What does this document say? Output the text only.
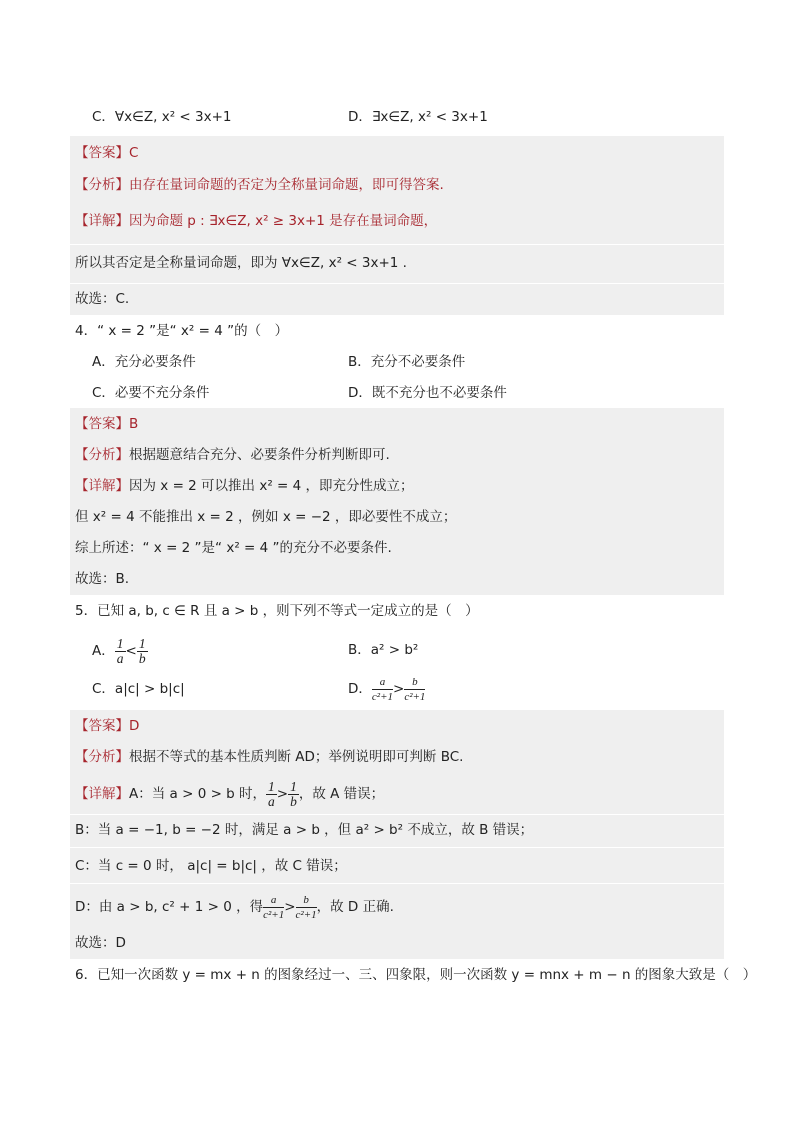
C．∀x∈Z, x² < 3x+1	D．∃x∈Z, x² < 3x+1
【答案】C
【分析】由存在量词命题的否定为全称量词命题，即可得答案.
【详解】因为命题 p : ∃x∈Z, x² ≥ 3x+1 是存在量词命题，
所以其否定是全称量词命题，即为 ∀x∈Z, x² < 3x+1 .
故选：C.
4．“ x = 2 ”是“ x² = 4 ”的（　）
A．充分必要条件	B．充分不必要条件
C．必要不充分条件	D．既不充分也不必要条件
【答案】B
【分析】根据题意结合充分、必要条件分析判断即可.
【详解】因为 x = 2 可以推出 x² = 4 ，即充分性成立；
但 x² = 4 不能推出 x = 2 ，例如 x = −2 ，即必要性不成立；
综上所述：“ x = 2 ”是“ x² = 4 ”的充分不必要条件.
故选：B.
5．已知 a, b, c ∈ R 且 a > b ，则下列不等式一定成立的是（　）
A． $\frac{1}{a} < \frac{1}{b}$	B．a² > b²
C．a|c| > b|c|	D． $\frac{a}{\text{c²+1}} > \frac{b}{\text{c²+1}}$
【答案】D
【分析】根据不等式的基本性质判断 AD；举例说明即可判断 BC.
【详解】 A：当 a > 0 > b 时， $\frac{1}{a} > \frac{1}{b}$ ，故 A 错误；
B：当 a = −1, b = −2 时，满足 a > b ，但 a² > b² 不成立，故 B 错误；
C：当 c = 0 时， a|c| = b|c| ，故 C 错误；
D：由 a > b, c² + 1 > 0 ，得 $\frac{a}{\text{c²+1}} > \frac{b}{\text{c²+1}}$ ，故 D 正确.
故选：D
6．已知一次函数 y = mx + n 的图象经过一、三、四象限，则一次函数 y = mnx + m − n 的图象大致是（　）
